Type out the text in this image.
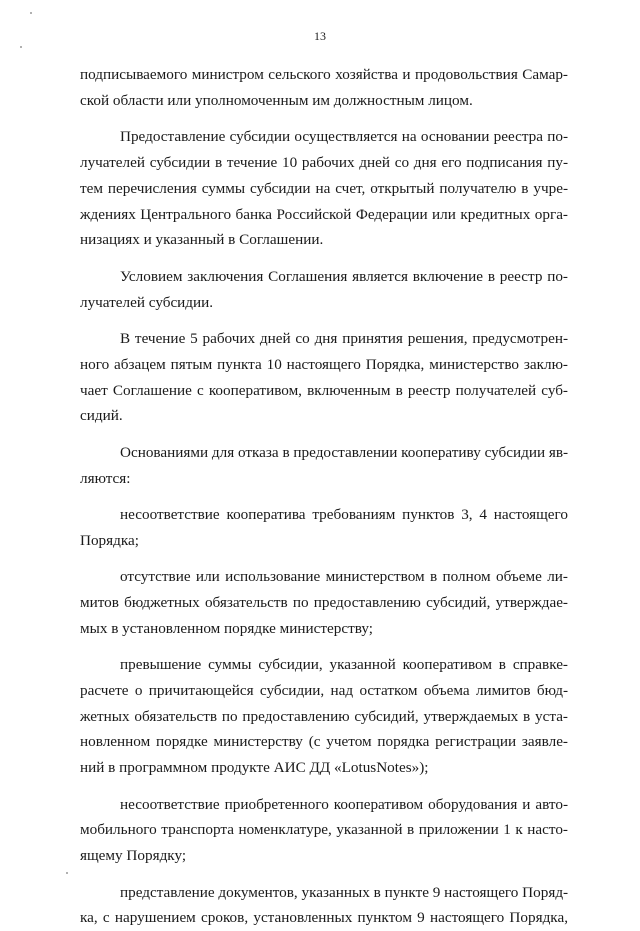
13
подписываемого министром сельского хозяйства и продовольствия Самар-
ской области или уполномоченным им должностным лицом.
Предоставление субсидии осуществляется на основании реестра по-
лучателей субсидии в течение 10 рабочих дней со дня его подписания пу-
тем перечисления суммы субсидии на счет, открытый получателю в учре-
ждениях Центрального банка Российской Федерации или кредитных орга-
низациях и указанный в Соглашении.
Условием заключения Соглашения является включение в реестр по-
лучателей субсидии.
В течение 5 рабочих дней со дня принятия решения, предусмотрен-
ного абзацем пятым пункта 10 настоящего Порядка, министерство заклю-
чает Соглашение с кооперативом, включенным в реестр получателей суб-
сидий.
Основаниями для отказа в предоставлении кооперативу субсидии яв-
ляются:
несоответствие кооператива требованиям пунктов 3, 4 настоящего
Порядка;
отсутствие или использование министерством в полном объеме ли-
митов бюджетных обязательств по предоставлению субсидий, утверждае-
мых в установленном порядке министерству;
превышение суммы субсидии, указанной кооперативом в справке-
расчете о причитающейся субсидии, над остатком объема лимитов бюд-
жетных обязательств по предоставлению субсидий, утверждаемых в уста-
новленном порядке министерству (с учетом порядка регистрации заявле-
ний в программном продукте АИС ДД «LotusNotes»);
несоответствие приобретенного кооперативом оборудования и авто-
мобильного транспорта номенклатуре, указанной в приложении 1 к насто-
ящему Порядку;
представление документов, указанных в пункте 9 настоящего Поряд-
ка, с нарушением сроков, установленных пунктом 9 настоящего Порядка,
